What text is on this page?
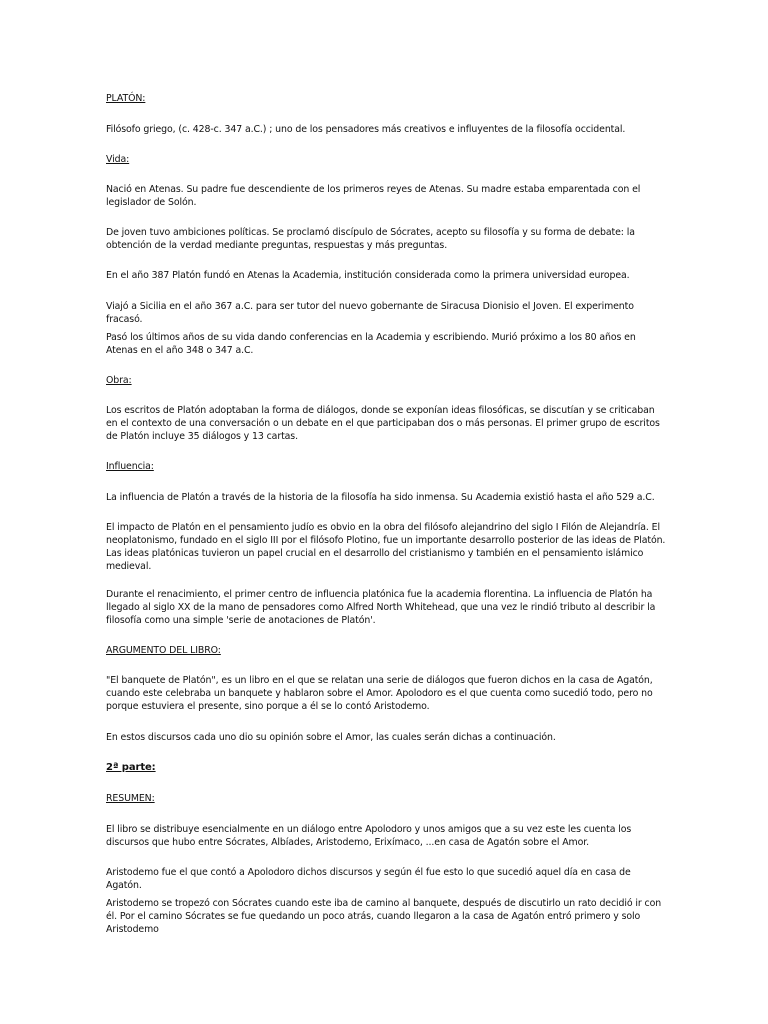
PLATÓN:
Filósofo griego, (c. 428-c. 347 a.C.) ; uno de los pensadores más creativos e influyentes de la filosofía occidental.
Vida:
Nació en Atenas. Su padre fue descendiente de los primeros reyes de Atenas. Su madre estaba emparentada con el legislador de Solón.
De joven tuvo ambiciones políticas. Se proclamó discípulo de Sócrates, acepto su filosofía y su forma de debate: la obtención de la verdad mediante preguntas, respuestas y más preguntas.
En el año 387 Platón fundó en Atenas la Academia, institución considerada como la primera universidad europea.
Viajó a Sicilia en el año 367 a.C. para ser tutor del nuevo gobernante de Siracusa Dionisio el Joven. El experimento fracasó.
Pasó los últimos años de su vida dando conferencias en la Academia y escribiendo. Murió próximo a los 80 años en Atenas en el año 348 o 347 a.C.
Obra:
Los escritos de Platón adoptaban la forma de diálogos, donde se exponían ideas filosóficas, se discutían y se criticaban en el contexto de una conversación o un debate en el que participaban dos o más personas. El primer grupo de escritos de Platón incluye 35 diálogos y 13 cartas.
Influencia:
La influencia de Platón a través de la historia de la filosofía ha sido inmensa. Su Academia existió hasta el año 529 a.C.
El impacto de Platón en el pensamiento judío es obvio en la obra del filósofo alejandrino del siglo I Filón de Alejandría. El neoplatonismo, fundado en el siglo III por el filósofo Plotino, fue un importante desarrollo posterior de las ideas de Platón. Las ideas platónicas tuvieron un papel crucial en el desarrollo del cristianismo y también en el pensamiento islámico medieval.
Durante el renacimiento, el primer centro de influencia platónica fue la academia florentina. La influencia de Platón ha llegado al siglo XX de la mano de pensadores como Alfred North Whitehead, que una vez le rindió tributo al describir la filosofía como una simple 'serie de anotaciones de Platón'.
ARGUMENTO DEL LIBRO:
"El banquete de Platón", es un libro en el que se relatan una serie de diálogos que fueron dichos en la casa de Agatón, cuando este celebraba un banquete y hablaron sobre el Amor. Apolodoro es el que cuenta como sucedió todo, pero no porque estuviera el presente, sino porque a él se lo contó Aristodemo.
En estos discursos cada uno dio su opinión sobre el Amor, las cuales serán dichas a continuación.
2ª parte:
RESUMEN:
El libro se distribuye esencialmente en un diálogo entre Apolodoro y unos amigos que a su vez este les cuenta los discursos que hubo entre Sócrates, Albíades, Aristodemo, Erixímaco, ...en casa de Agatón sobre el Amor.
Aristodemo fue el que contó a Apolodoro dichos discursos y según él fue esto lo que sucedió aquel día en casa de Agatón.
Aristodemo se tropezó con Sócrates cuando este iba de camino al banquete, después de discutirlo un rato decidió ir con él. Por el camino Sócrates se fue quedando un poco atrás, cuando llegaron a la casa de Agatón entró primero y solo Aristodemo
